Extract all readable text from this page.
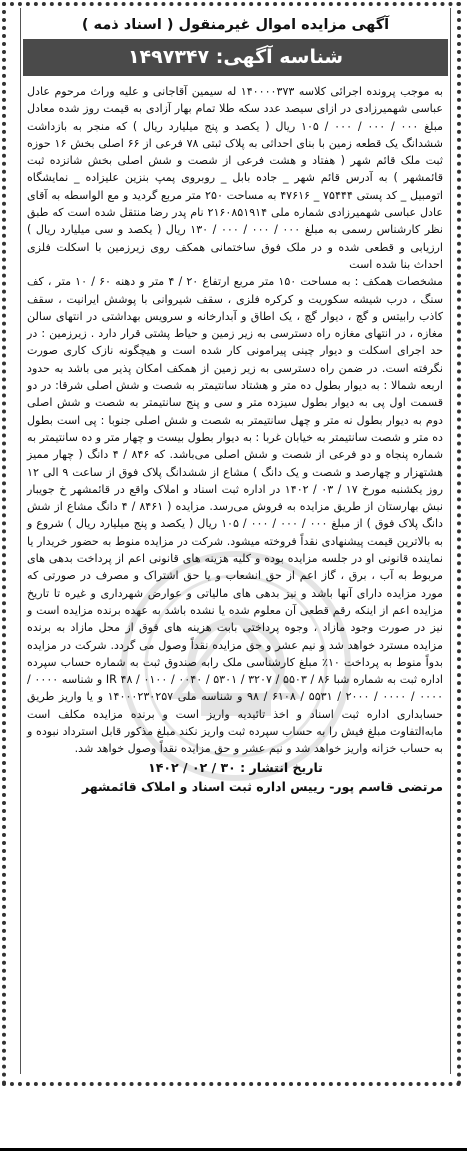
آگهی مزایده اموال غیرمنقول ( اسناد ذمه )
شناسه آگهی: ۱۴۹۷۳۴۷

به موجب پرونده اجرائی کلاسه ۱۴۰۰۰۰۳۷۳ له سیمین آقاجانی و علیه وراث مرحوم عادل عباسی شهمیرزادی در ازای سیصد عدد سکه طلا تمام بهار آزادی به قیمت روز شده معادل مبلغ ۰۰۰ / ۰۰۰ / ۰۰۰ / ۱۰۵ ریال ( یکصد و پنج میلیارد ریال ) که منجر به بازداشت ششدانگ یک قطعه زمین با بنای احداثی به پلاک ثبتی ۷۸ فرعی از ۶۶ اصلی بخش ۱۶ حوزه ثبت ملک قائم شهر ( هفتاد و هشت فرعی از شصت و شش اصلی بخش شانزده ثبت قائمشهر ) به آدرس قائم شهر _ جاده بابل _ روبروی پمپ بنزین علیزاده _ نمایشگاه اتومبیل _ کد پستی ۷۵۴۴۴ _ ۴۷۶۱۶ به مساحت ۲۵۰ متر مربع گردید و مع الواسطه به آقای عادل عباسی شهمیرزادی شماره ملی ۲۱۶۰۸۵۱۹۱۴ نام پدر رضا منتقل شده است که طبق نظر کارشناس رسمی به مبلغ ۰۰۰ / ۰۰۰ / ۰۰۰ / ۱۳۰ ریال ( یکصد و سی میلیارد ریال ) ارزیابی و قطعی شده و در ملک فوق ساختمانی همکف روی زیرزمین با اسکلت فلزی احداث بنا شده است

مشخصات همکف : به مساحت ۱۵۰ متر مربع ارتفاع ۲۰ / ۴ متر و دهنه ۶۰ / ۱۰ متر ، کف سنگ ، درب شیشه سکوریت و کرکره فلزی ، سقف شیروانی با پوشش ایرانیت ، سقف کاذب رابیتس و گچ ، دیوار گچ ، یک اطاق و آبدارخانه و سرویس بهداشتی در انتهای سالن مغازه ، در انتهای مغازه راه دسترسی به زیر زمین و حیاط پشتی قرار دارد . زیرزمین : در حد اجرای اسکلت و دیوار چینی پیرامونی کار شده است و هیچگونه نازک کاری صورت نگرفته است. در ضمن راه دسترسی به زیر زمین از همکف امکان پذیر می باشد به حدود اربعه شمالا : به دیوار بطول ده متر و هشتاد سانتیمتر به شصت و شش اصلی شرقا: در دو قسمت اول پی به دیوار بطول سیزده متر و سی و پنج سانتیمتر به شصت و شش اصلی دوم به دیوار بطول نه متر و چهل سانتیمتر به شصت و شش اصلی جنوبا : پی است بطول ده متر و شصت سانتیمتر به خیابان غربا : به دیوار بطول بیست و چهار متر و ده سانتیمتر به شماره پنجاه و دو فرعی از شصت و شش اصلی می‌باشد. که ۸۴۶ / ۴ دانگ ( چهار ممیز هشتهزار و چهارصد و شصت و یک دانگ ) مشاع از ششدانگ پلاک فوق از ساعت ۹ الی ۱۲ روز یکشنبه مورخ ۱۷ / ۰۳ / ۱۴۰۲ در اداره ثبت اسناد و املاک واقع در قائمشهر خ جویبار نبش بهارستان از طریق مزایده به فروش می‌رسد. مزایده ( ۸۴۶۱ / ۴ دانگ مشاع از شش دانگ پلاک فوق ) از مبلغ ۰۰۰ / ۰۰۰ / ۰۰۰ / ۱۰۵ ریال ( یکصد و پنج میلیارد ریال ) شروع و به بالاترین قیمت پیشنهادی نقداً فروخته میشود. شرکت در مزایده منوط به حضور خریدار یا نماینده قانونی او در جلسه مزایده بوده و کلیه هزینه های قانونی اعم از پرداخت بدهی های مربوط به آب ، برق ، گاز اعم از حق انشعاب و یا حق اشتراک و مصرف در صورتی که مورد مزایده دارای آنها باشد و نیز بدهی های مالیاتی و عوارض شهرداری و غیره تا تاریخ مزایده اعم از اینکه رقم قطعی آن معلوم شده یا نشده باشد به عهده برنده مزایده است و نیز در صورت وجود مازاد ، وجوه پرداختی بابت هزینه های فوق از محل مازاد به برنده مزایده مسترد خواهد شد و نیم عشر و حق مزایده نقداً وصول می گردد. شرکت در مزایده بدواً منوط به پرداخت ۱۰٪ مبلغ کارشناسی ملک رابه صندوق ثبت به شماره حساب سپرده اداره ثبت به شماره شبا IR ۴۸ / ۰۱۰۰ / ۰۰۴۰ / ۵۳۰۱ / ۳۲۰۷ / ۵۵۰۳ / ۸۶ و شناسه ۰۰۰۰ / ۰۰۰۰ / ۰۰۰۰ / ۲۰۰۰ / ۵۵۳۱ / ۶۱۰۸ / ۹۸ و شناسه ملی ۱۴۰۰۰۲۳۰۲۵۷ و یا واریز طریق حسابداری اداره ثبت اسناد و اخذ تائیدیه واریز است و برنده مزایده مکلف است مابه‌التفاوت مبلغ فیش را به حساب سپرده ثبت واریز نکند مبلغ مذکور قابل استرداد نبوده و به حساب خزانه واریز خواهد شد و نیم عشر و حق مزایده نقداً وصول خواهد شد.

تاریخ انتشار : ۳۰ / ۰۲ / ۱۴۰۲
مرتضی قاسم پور- رییس اداره ثبت اسناد و املاک قائمشهر
